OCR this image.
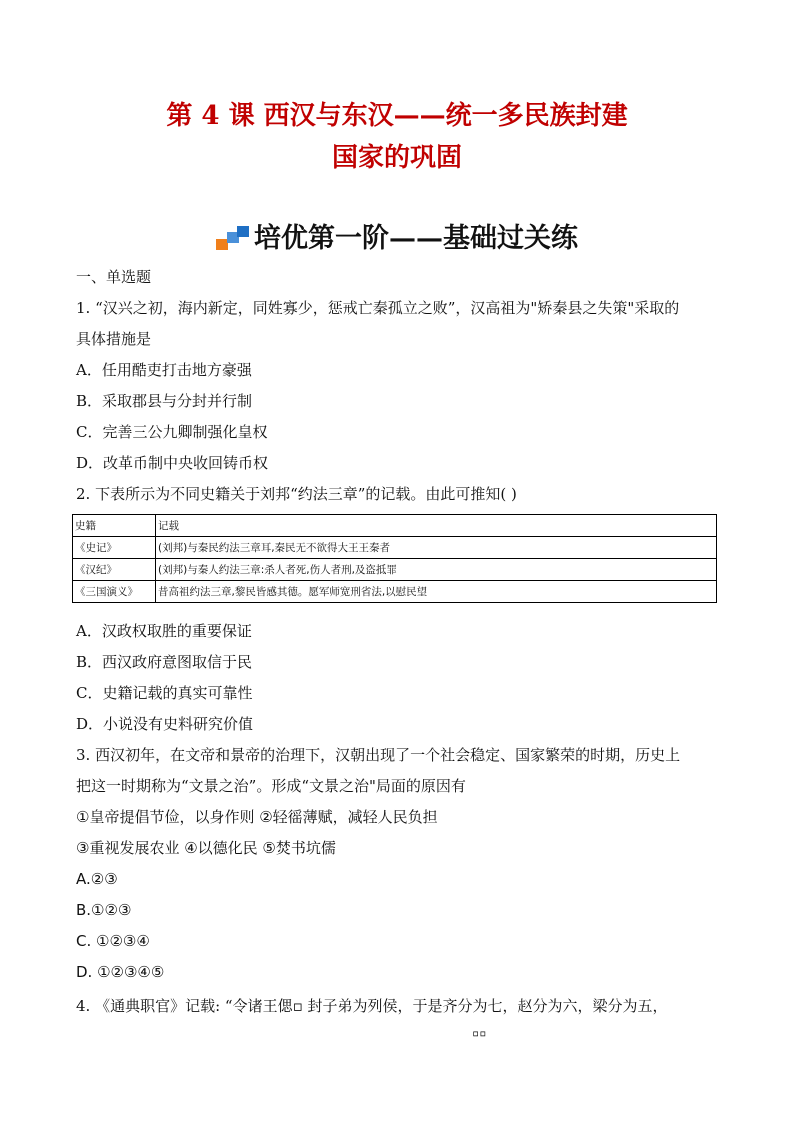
第 4 课 西汉与东汉——统一多民族封建
国家的巩固
培优第一阶——基础过关练
一、单选题
1. “汉兴之初，海内新定，同姓寡少，惩戒亡秦孤立之败”，汉高祖为"矫秦县之失策"采取的
具体措施是
A．任用酷吏打击地方豪强
B．采取郡县与分封并行制
C．完善三公九卿制强化皇权
D．改革币制中央收回铸币权
2. 下表所示为不同史籍关于刘邦“约法三章”的记载。由此可推知( )
史籍	记载
《史记》	(刘邦)与秦民约法三章耳,秦民无不欲得大王王秦者
《汉纪》	(刘邦)与秦人约法三章:杀人者死,伤人者刑,及盗抵罪
《三国演义》	昔高祖约法三章,黎民皆感其德。愿军师宽刑省法,以慰民望
A．汉政权取胜的重要保证
B．西汉政府意图取信于民
C．史籍记载的真实可靠性
D．小说没有史料研究价值
3. 西汉初年，在文帝和景帝的治理下，汉朝出现了一个社会稳定、国家繁荣的时期，历史上
把这一时期称为“文景之治”。形成“文景之治"局面的原因有
①皇帝提倡节俭，以身作则 ②轻徭薄赋，减轻人民负担
③重视发展农业 ④以德化民 ⑤焚书坑儒
A.②③
B.①②③
C. ①②③④
D. ①②③④⑤
4. 《通典职官》记载: “令诸王偲▫ 封子弟为列侯，于是齐分为七，赵分为六，梁分为五，
▫▫
